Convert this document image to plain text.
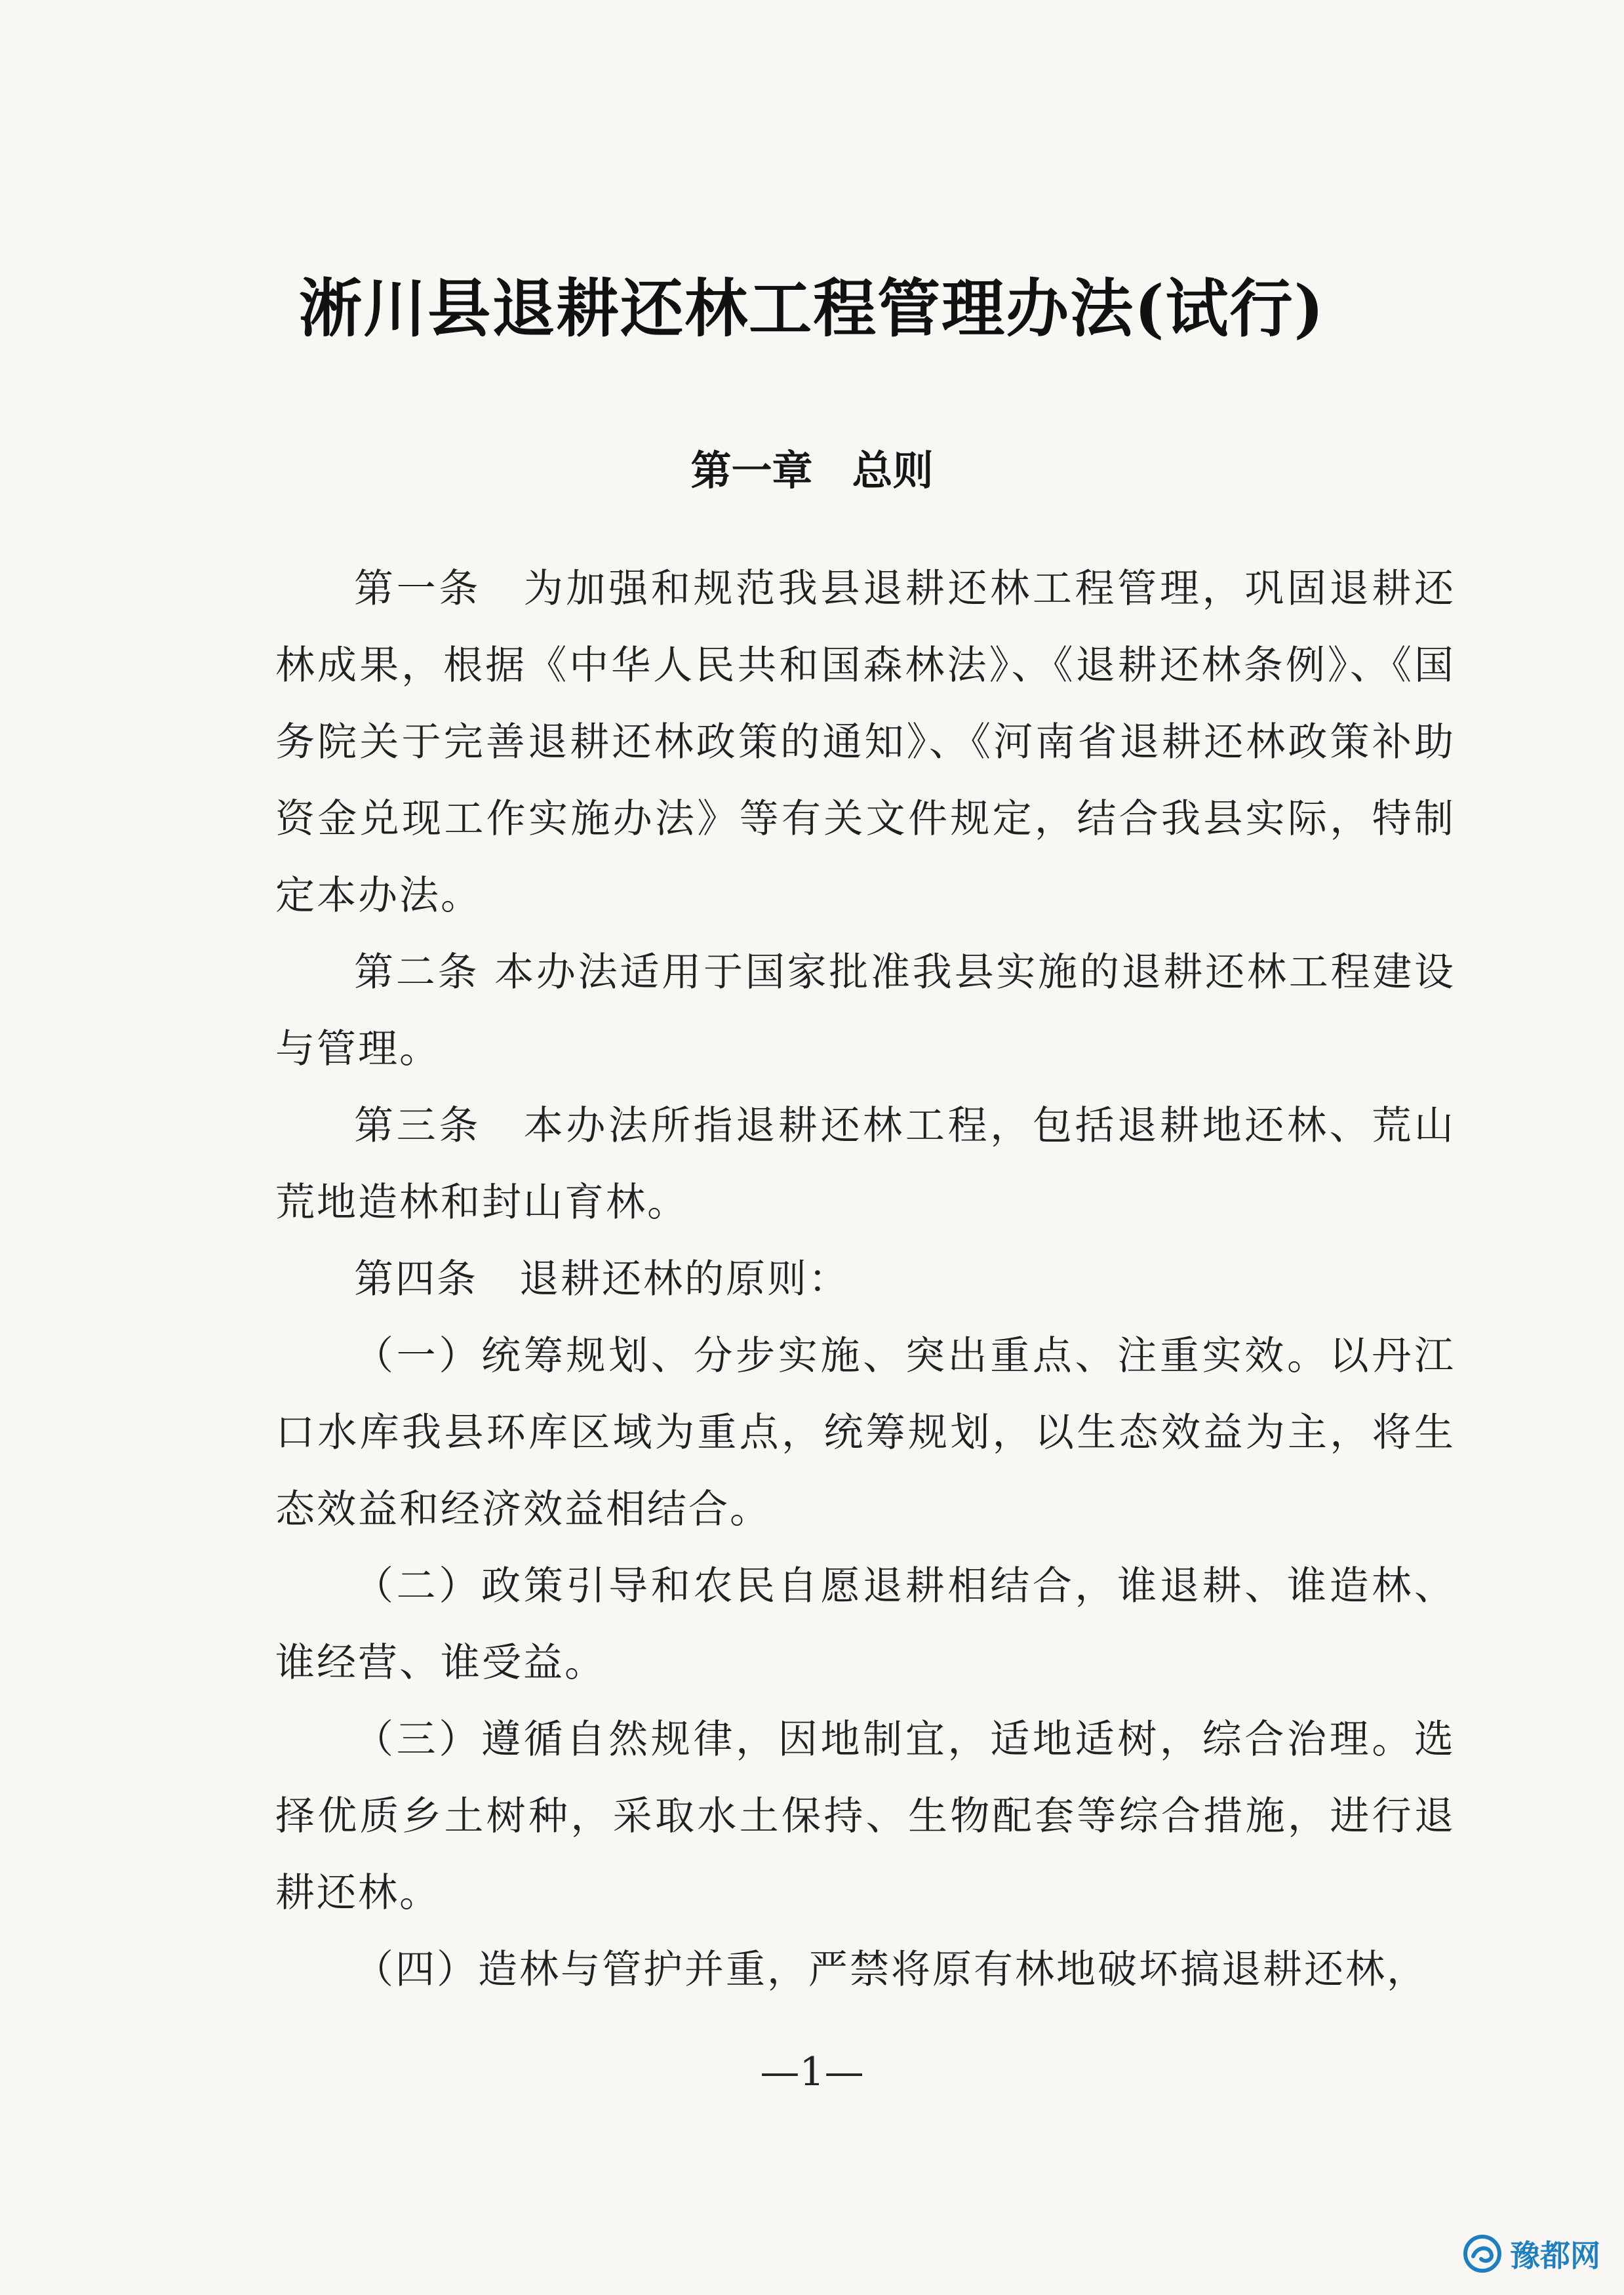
淅川县退耕还林工程管理办法(试行)
第一章 总则

第一条　为加强和规范我县退耕还林工程管理，巩固退耕还林成果，根据《中华人民共和国森林法》、《退耕还林条例》、《国务院关于完善退耕还林政策的通知》、《河南省退耕还林政策补助资金兑现工作实施办法》等有关文件规定，结合我县实际，特制定本办法。

第二条 本办法适用于国家批准我县实施的退耕还林工程建设与管理。

第三条　本办法所指退耕还林工程，包括退耕地还林、荒山荒地造林和封山育林。

第四条　退耕还林的原则：

（一）统筹规划、分步实施、突出重点、注重实效。以丹江口水库我县环库区域为重点，统筹规划，以生态效益为主，将生态效益和经济效益相结合。

（二）政策引导和农民自愿退耕相结合，谁退耕、谁造林、谁经营、谁受益。

（三）遵循自然规律，因地制宜，适地适树，综合治理。选择优质乡土树种，采取水土保持、生物配套等综合措施，进行退耕还林。

（四）造林与管护并重，严禁将原有林地破坏搞退耕还林，

—1—
豫都网
